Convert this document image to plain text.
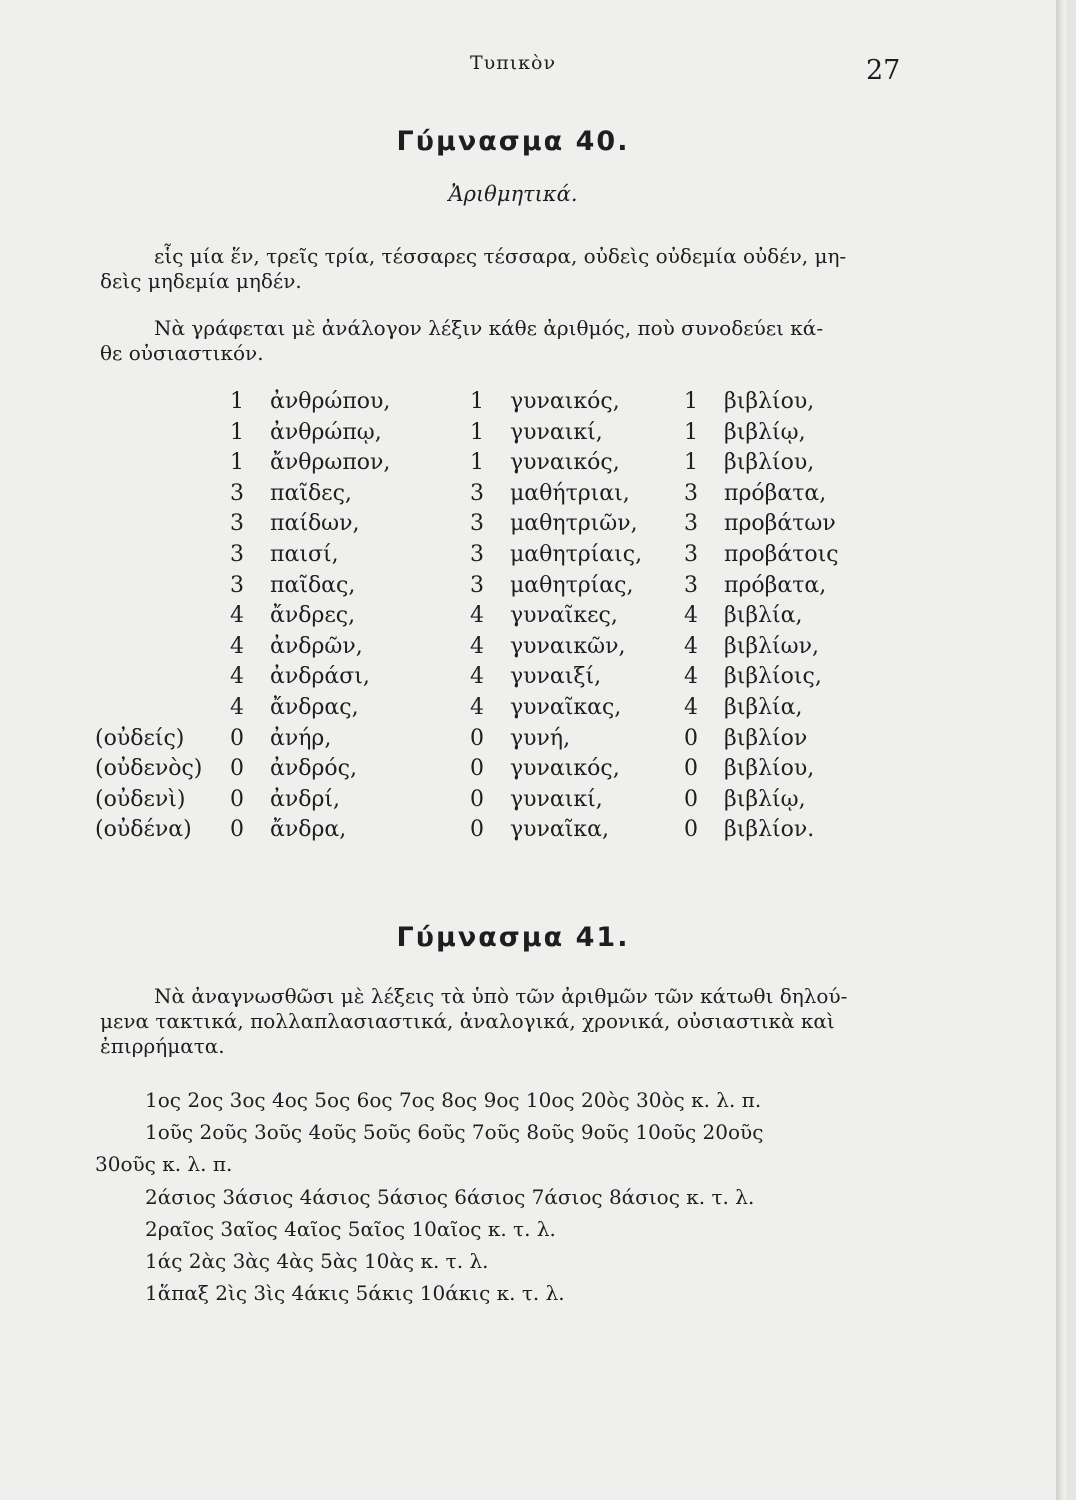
Τυπικὸν	27
Γύμνασμα 40.
Ἀριθμητικά.
εἷς μία ἕν, τρεῖς τρία, τέσσαρες τέσσαρα, οὐδεὶς οὐδεμία οὐδέν, μη-
δεὶς μηδεμία μηδέν.
Νὰ γράφεται μὲ ἀνάλογον λέξιν κάθε ἀριθμός, ποὺ συνοδεύει κά-
θε οὐσιαστικόν.
1 ἀνθρώπου,	1 γυναικός,	1 βιβλίου,
1 ἀνθρώπῳ,	1 γυναικί,	1 βιβλίῳ,
1 ἄνθρωπον,	1 γυναικός,	1 βιβλίου,
3 παῖδες,	3 μαθήτριαι, 3 πρόβατα,
3 παίδων,	3 μαθητριῶν, 3 προβάτων
3 παισί,	3 μαθητρίαις, 3 προβάτοις
3 παῖδας,	3 μαθητρίας, 3 πρόβατα,
4 ἄνδρες,	4 γυναῖκες,	4 βιβλία,
4 ἀνδρῶν,	4 γυναικῶν,	4 βιβλίων,
4 ἀνδράσι,	4 γυναιξί,	4 βιβλίοις,
4 ἄνδρας,	4 γυναῖκας,	4 βιβλία,
(οὐδείς) 0 ἀνήρ,	0 γυνή,	0 βιβλίον
(οὐδενὸς) 0 ἀνδρός,	0 γυναικός,	0 βιβλίου,
(οὐδενὶ) 0 ἀνδρί,	0 γυναικί,	0 βιβλίῳ,
(οὐδένα) 0 ἄνδρα,	0 γυναῖκα,	0 βιβλίον.
Γύμνασμα 41.
Νὰ ἀναγνωσθῶσι μὲ λέξεις τὰ ὑπὸ τῶν ἀριθμῶν τῶν κάτωθι δηλού-
μενα τακτικά, πολλαπλασιαστικά, ἀναλογικά, χρονικά, οὐσιαστικὰ καὶ
ἐπιρρήματα.
1ος 2ος 3ος 4ος 5ος 6ος 7ος 8ος 9ος 10ος 20ὸς 30ὸς κ. λ. π.
1οῦς 2οῦς 3οῦς 4οῦς 5οῦς 6οῦς 7οῦς 8οῦς 9οῦς 10οῦς 20οῦς
30οῦς κ. λ. π.
2άσιος 3άσιος 4άσιος 5άσιος 6άσιος 7άσιος 8άσιος κ. τ. λ.
2ραῖος 3αῖος 4αῖος 5αῖος 10αῖος κ. τ. λ.
1άς 2ὰς 3ὰς 4ὰς 5ὰς 10ὰς κ. τ. λ.
1ἅπαξ 2ὶς 3ὶς 4άκις 5άκις 10άκις κ. τ. λ.
